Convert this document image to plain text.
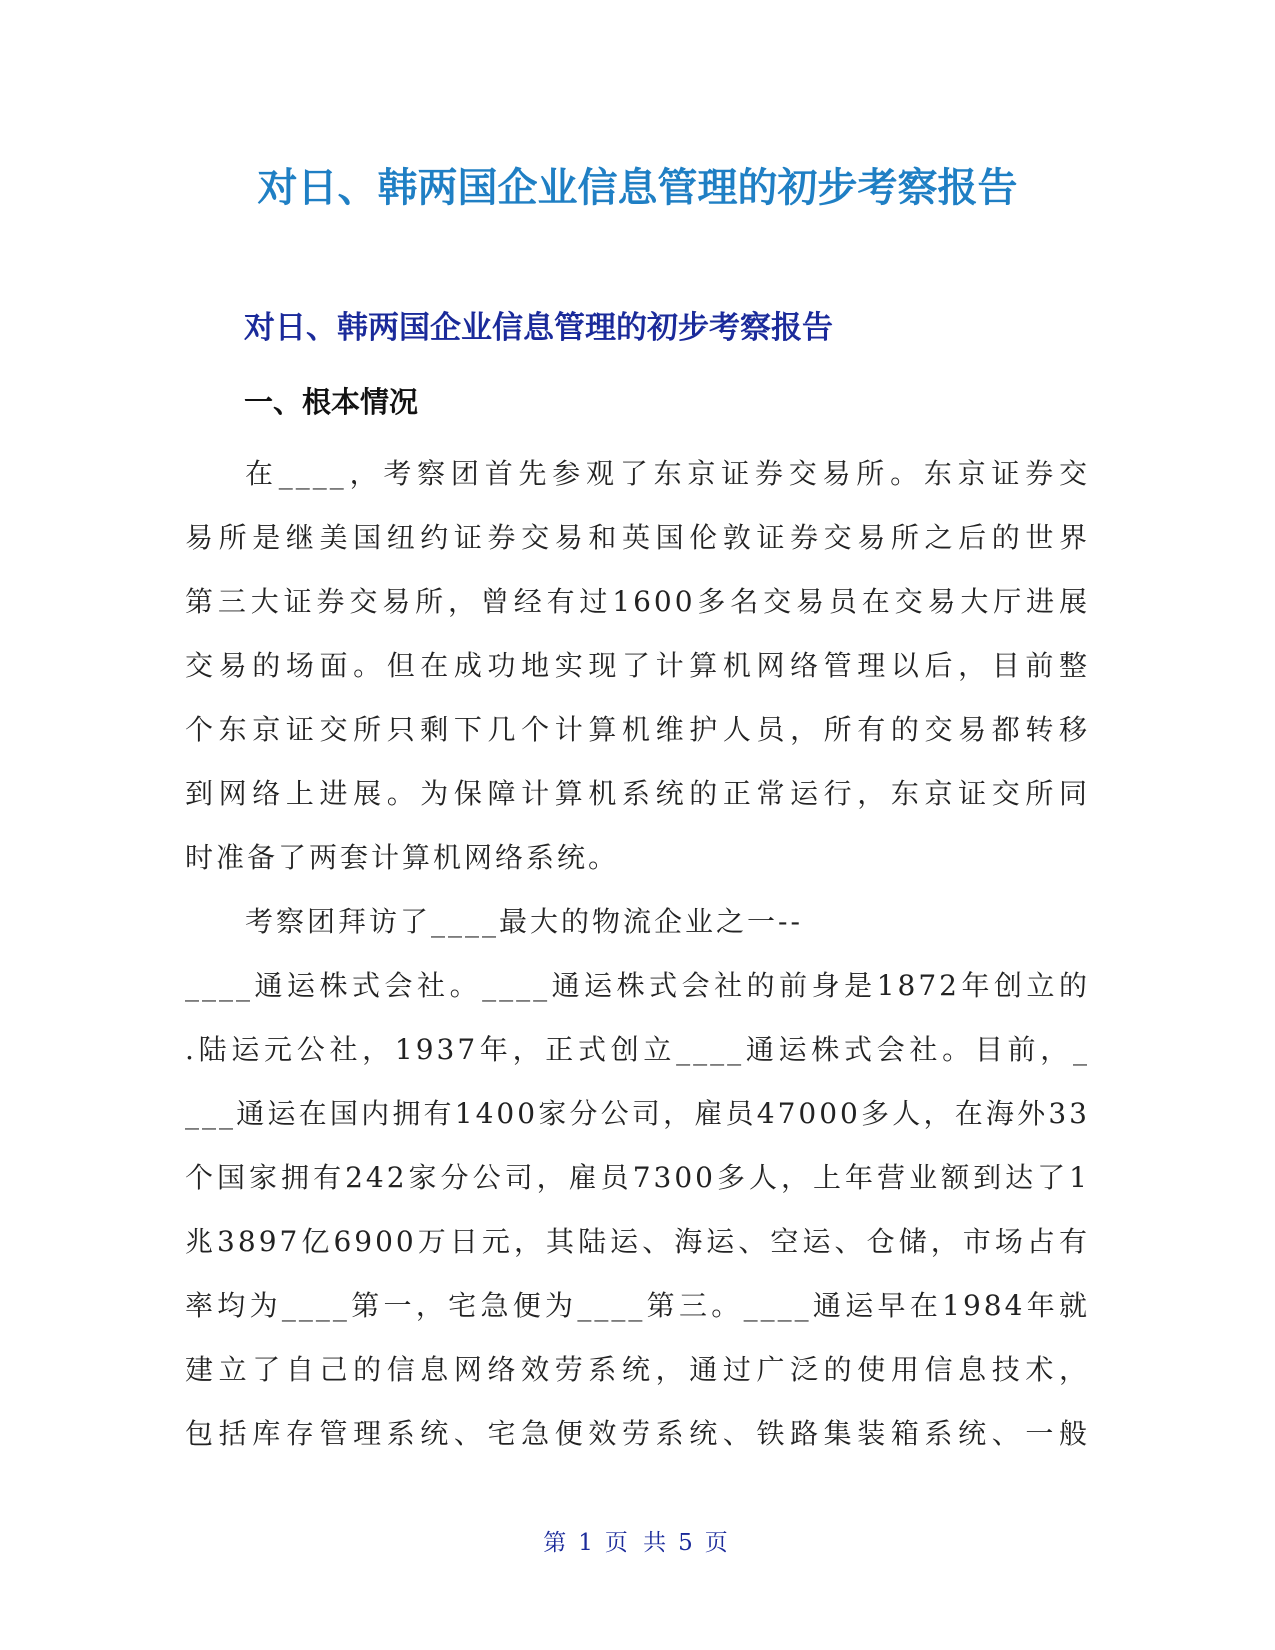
对日、韩两国企业信息管理的初步考察报告
对日、韩两国企业信息管理的初步考察报告
一、根本情况
在____，考察团首先参观了东京证券交易所。东京证券交
易所是继美国纽约证券交易和英国伦敦证券交易所之后的世界
第三大证券交易所，曾经有过1600多名交易员在交易大厅进展
交易的场面。但在成功地实现了计算机网络管理以后，目前整
个东京证交所只剩下几个计算机维护人员，所有的交易都转移
到网络上进展。为保障计算机系统的正常运行，东京证交所同
时准备了两套计算机网络系统。
考察团拜访了____最大的物流企业之一--
____通运株式会社。____通运株式会社的前身是1872年创立的
.陆运元公社，1937年，正式创立____通运株式会社。目前，_
___通运在国内拥有1400家分公司，雇员47000多人，在海外33
个国家拥有242家分公司，雇员7300多人，上年营业额到达了1
兆3897亿6900万日元，其陆运、海运、空运、仓储，市场占有
率均为____第一，宅急便为____第三。____通运早在1984年就
建立了自己的信息网络效劳系统，通过广泛的使用信息技术，
包括库存管理系统、宅急便效劳系统、铁路集装箱系统、一般
第 1 页 共 5 页
